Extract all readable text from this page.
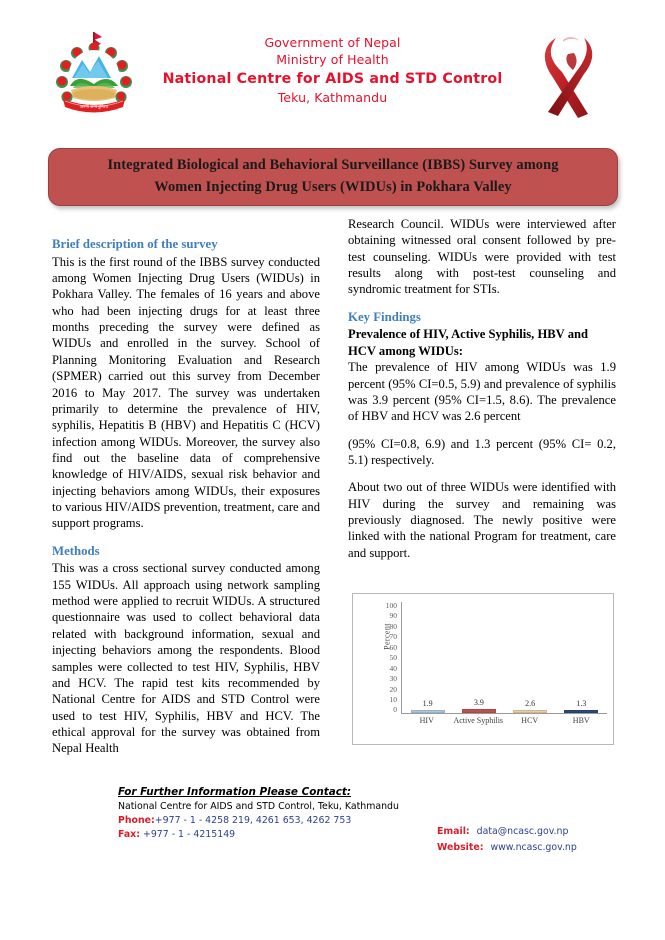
जननी जन्मभूमिश्च
Government of Nepal
Ministry of Health
National Centre for AIDS and STD Control
Teku, Kathmandu
Integrated Biological and Behavioral Surveillance (IBBS) Survey among
Women Injecting Drug Users (WIDUs) in Pokhara Valley
Brief description of the survey

This is the first round of the IBBS survey conducted among Women Injecting Drug Users (WIDUs) in Pokhara Valley. The females of 16 years and above who had been injecting drugs for at least three months preceding the survey were defined as WIDUs and enrolled in the survey. School of Planning Monitoring Evaluation and Research (SPMER) carried out this survey from December 2016 to May 2017. The survey was undertaken primarily to determine the prevalence of HIV, syphilis, Hepatitis B (HBV) and Hepatitis C (HCV) infection among WIDUs. Moreover, the survey also find out the baseline data of comprehensive knowledge of HIV/AIDS, sexual risk behavior and injecting behaviors among WIDUs, their exposures to various HIV/AIDS prevention, treatment, care and support programs.

Methods

This was a cross sectional survey conducted among 155 WIDUs. All approach using network sampling method were applied to recruit WIDUs. A structured questionnaire was used to collect behavioral data related with background information, sexual and injecting behaviors among the respondents. Blood samples were collected to test HIV, Syphilis, HBV and HCV. The rapid test kits recommended by National Centre for AIDS and STD Control were used to test HIV, Syphilis, HBV and HCV. The ethical approval for the survey was obtained from Nepal Health

Research Council. WIDUs were interviewed after obtaining witnessed oral consent followed by pre-test counseling. WIDUs were provided with test results along with post-test counseling and syndromic treatment for STIs.

Key Findings
Prevalence of HIV, Active Syphilis, HBV and HCV among WIDUs:

The prevalence of HIV among WIDUs was 1.9 percent (95% CI=0.5, 5.9) and prevalence of syphilis was 3.9 percent (95% CI=1.5, 8.6). The prevalence of HBV and HCV was 2.6 percent

(95% CI=0.8, 6.9) and 1.3 percent (95% CI= 0.2, 5.1) respectively.

About two out of three WIDUs were identified with HIV during the survey and remaining was previously diagnosed. The newly positive were linked with the national Program for treatment, care and support.

Percent
100
90
80
70
60
50
40
30
20
10
0
1.9	3.9	2.6	1.3
HIV	Active Syphilis	HCV	HBV
For Further Information Please Contact:
National Centre for AIDS and STD Control, Teku, Kathmandu
Phone:+977 - 1 - 4258 219, 4261 653, 4262 753
Fax: +977 - 1 - 4215149	Email: data@ncasc.gov.np
Website: www.ncasc.gov.np
